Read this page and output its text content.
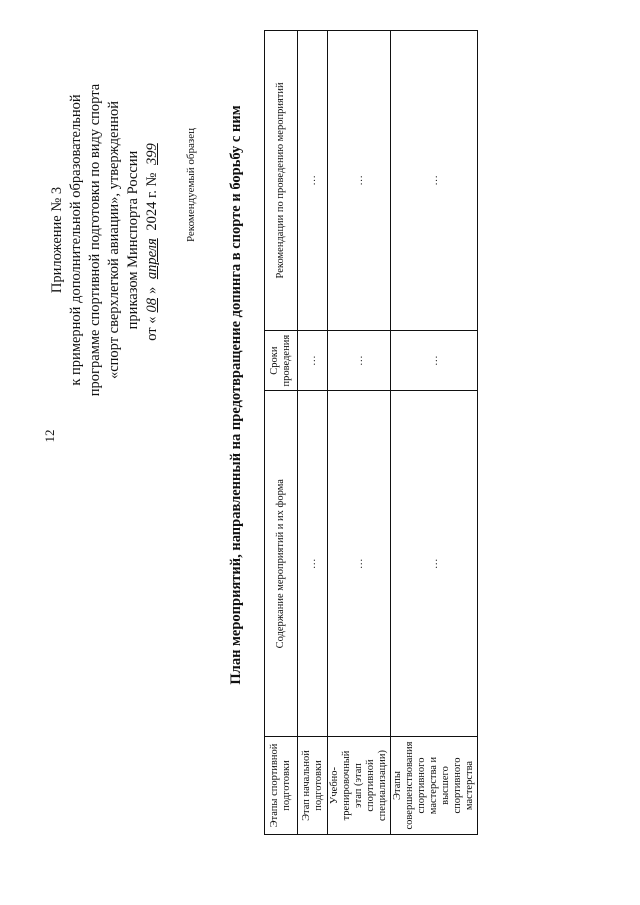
12
Приложение № 3 к примерной дополнительной образовательной программе спортивной подготовки по виду спорта «спорт сверхлегкой авиации», утвержденной приказом Минспорта России от «08» апреля 2024 г. № 399 Рекомендуемый образец План мероприятий, направленный на предотвращение допинга в спорте и борьбу с ним
Этапы спортивной подготовки	Содержание мероприятий и их форма	Сроки проведения	Рекомендации по проведению мероприятий
Этап начальной подготовки	…	…	…
Учебно-тренировочный этап (этап спортивной специализации)	…	…	…
Этапы совершенствования спортивного мастерства и высшего спортивного мастерства	…	…	…
